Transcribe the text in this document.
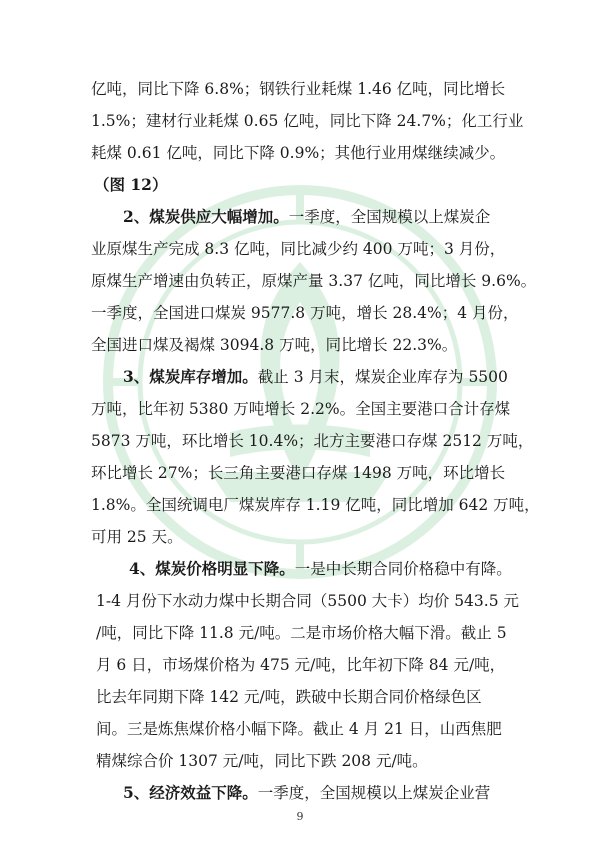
亿吨，同比下降 6.8%；钢铁行业耗煤 1.46 亿吨，同比增长
1.5%；建材行业耗煤 0.65 亿吨，同比下降 24.7%；化工行业
耗煤 0.61 亿吨，同比下降 0.9%；其他行业用煤继续减少。
（图 12）
2、煤炭供应大幅增加。一季度，全国规模以上煤炭企
业原煤生产完成 8.3 亿吨，同比减少约 400 万吨；3 月份，
原煤生产增速由负转正，原煤产量 3.37 亿吨，同比增长 9.6%。
一季度，全国进口煤炭 9577.8 万吨，增长 28.4%；4 月份，
全国进口煤及褐煤 3094.8 万吨，同比增长 22.3%。
3、煤炭库存增加。截止 3 月末，煤炭企业库存为 5500
万吨，比年初 5380 万吨增长 2.2%。全国主要港口合计存煤
5873 万吨，环比增长 10.4%；北方主要港口存煤 2512 万吨，
环比增长 27%；长三角主要港口存煤 1498 万吨，环比增长
1.8%。全国统调电厂煤炭库存 1.19 亿吨，同比增加 642 万吨，
可用 25 天。
4、煤炭价格明显下降。一是中长期合同价格稳中有降。
1-4 月份下水动力煤中长期合同（5500 大卡）均价 543.5 元
/吨，同比下降 11.8 元/吨。二是市场价格大幅下滑。截止 5
月 6 日，市场煤价格为 475 元/吨，比年初下降 84 元/吨，
比去年同期下降 142 元/吨，跌破中长期合同价格绿色区
间。三是炼焦煤价格小幅下降。截止 4 月 21 日，山西焦肥
精煤综合价 1307 元/吨，同比下跌 208 元/吨。
5、经济效益下降。一季度，全国规模以上煤炭企业营
9
